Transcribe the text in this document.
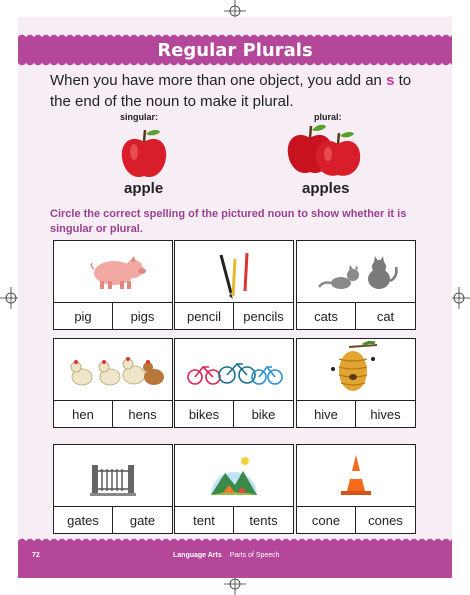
Regular Plurals
When you have more than one object, you add an s to the end of the noun to make it plural.
singular:	plural:
apple	apples
Circle the correct spelling of the pictured noun to show whether it is singular or plural.
pig	pigs	pencil	pencils	cats	cat
hen	hens	bikes	bike	hive	hives
gates	gate	tent	tents	cone	cones
72	Language Arts Parts of Speech
